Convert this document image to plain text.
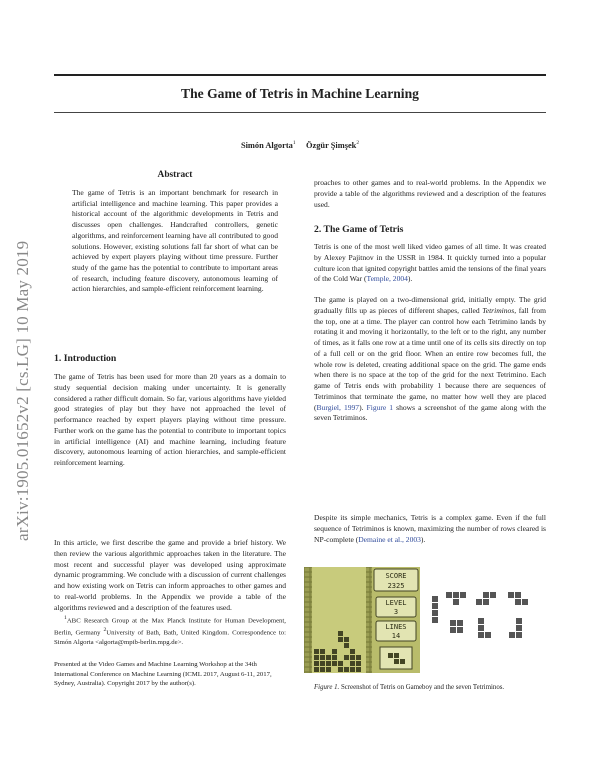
arXiv:1905.01652v2 [cs.LG] 10 May 2019
The Game of Tetris in Machine Learning
Simón Algorta$^1$ Özgür Şimşek$^2$
Abstract
The game of Tetris is an important benchmark for research in artificial intelligence and machine learning. This paper provides a historical account of the algorithmic developments in Tetris and discusses open challenges. Handcrafted controllers, genetic algorithms, and reinforcement learning have all contributed to good solutions. However, existing solutions fall far short of what can be achieved by expert players playing without time pressure. Further study of the game has the potential to contribute to important areas of research, including feature discovery, autonomous learning of action hierarchies, and sample-efficient reinforcement learning.
1. Introduction
The game of Tetris has been used for more than 20 years as a domain to study sequential decision making under uncertainty. It is generally considered a rather difficult domain. So far, various algorithms have yielded good strategies of play but they have not approached the level of performance reached by expert players playing without time pressure. Further work on the game has the potential to contribute to important topics in artificial intelligence (AI) and machine learning, including feature discovery, autonomous learning of action hierarchies, and sample-efficient reinforcement learning.
In this article, we first describe the game and provide a brief history. We then review the various algorithmic approaches taken in the literature. The most recent and successful player was developed using approximate dynamic programming. We conclude with a discussion of current challenges and how existing work on Tetris can inform approaches to other games and to real-world problems. In the Appendix we provide a table of the algorithms reviewed and a description of the features used.
$^1$ABC Research Group at the Max Planck Institute for Human Development, Berlin, Germany $^2$University of Bath, Bath, United Kingdom. Correspondence to: Simón Algorta <algorta@mpib-berlin.mpg.de>.
Presented at the Video Games and Machine Learning Workshop at the 34th International Conference on Machine Learning (ICML 2017, August 6-11, 2017, Sydney, Australia). Copyright 2017 by the author(s).
proaches to other games and to real-world problems. In the Appendix we provide a table of the algorithms reviewed and a description of the features used.
2. The Game of Tetris
Tetris is one of the most well liked video games of all time. It was created by Alexey Pajitnov in the USSR in 1984. It quickly turned into a popular culture icon that ignited copyright battles amid the tensions of the final years of the Cold War (Temple, 2004).
The game is played on a two-dimensional grid, initially empty. The grid gradually fills up as pieces of different shapes, called Tetriminos, fall from the top, one at a time. The player can control how each Tetrimino lands by rotating it and moving it horizontally, to the left or to the right, any number of times, as it falls one row at a time until one of its cells sits directly on top of a full cell or on the grid floor. When an entire row becomes full, the whole row is deleted, creating additional space on the grid. The game ends when there is no space at the top of the grid for the next Tetrimino. Each game of Tetris ends with probability 1 because there are sequences of Tetriminos that terminate the game, no matter how well they are placed (Burgiel, 1997). Figure 1 shows a screenshot of the game along with the seven Tetriminos.
Despite its simple mechanics, Tetris is a complex game. Even if the full sequence of Tetriminos is known, maximizing the number of rows cleared is NP-complete (Demaine et al., 2003).
SCORE
2325
LEVEL
3
LINES
14
Figure 1. Screenshot of Tetris on Gameboy and the seven Tetriminos.
